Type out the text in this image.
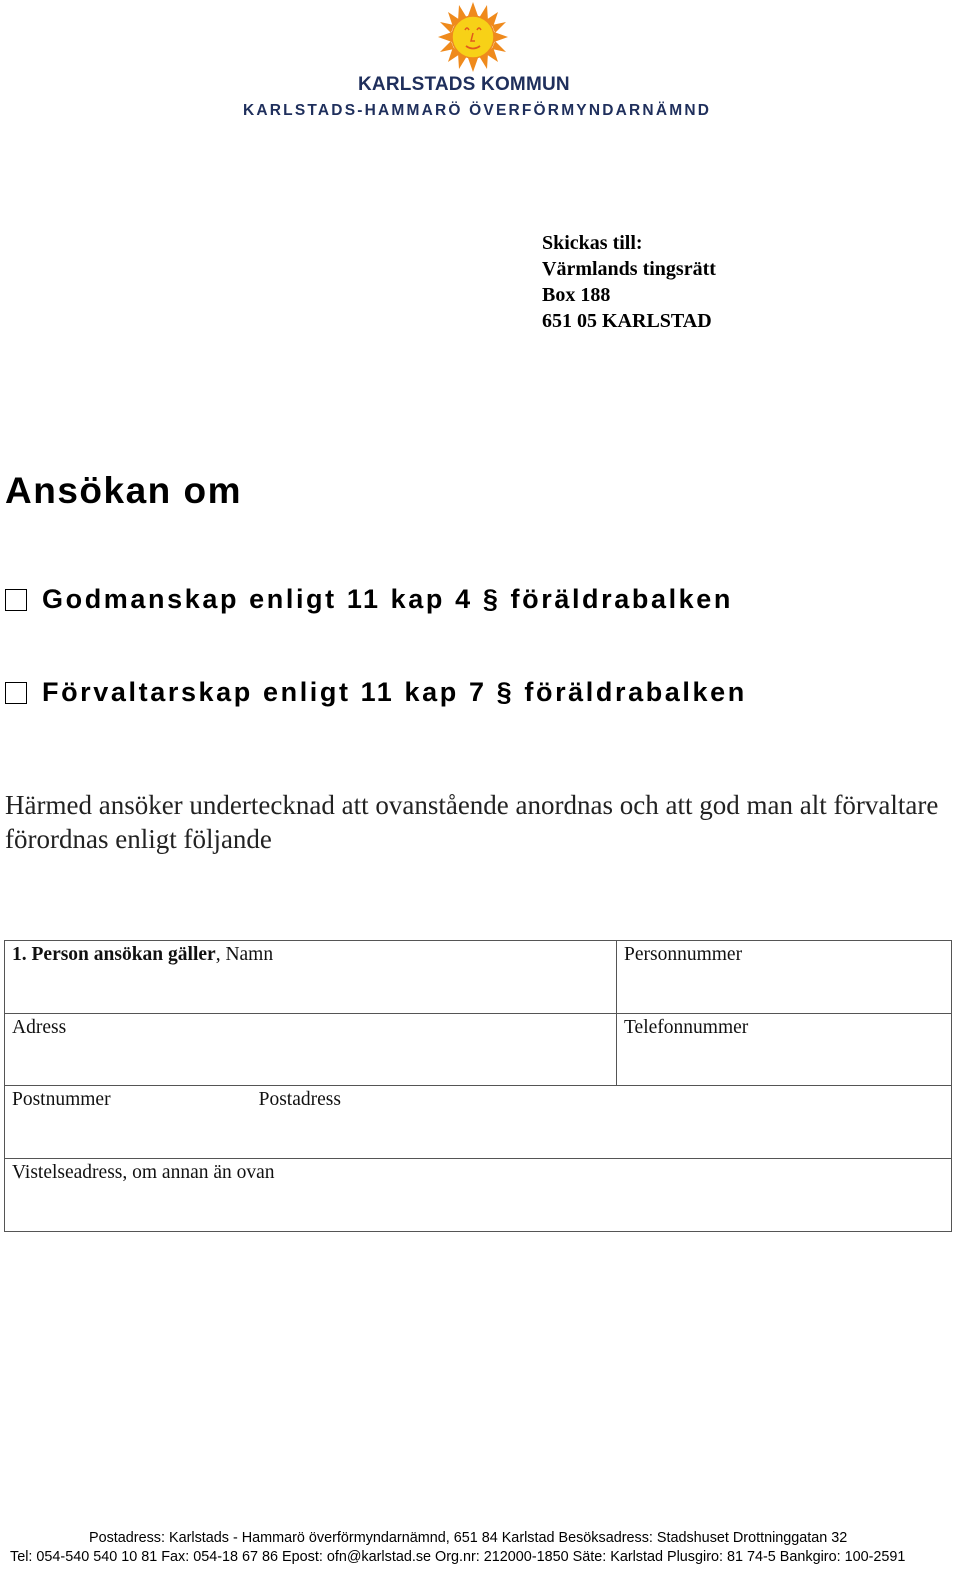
KARLSTADS KOMMUN
KARLSTADS-HAMMARÖ ÖVERFÖRMYNDARNÄMND
Skickas till:
Värmlands tingsrätt
Box 188
651 05 KARLSTAD
Ansökan om
Godmanskap enligt 11 kap 4 § föräldrabalken
Förvaltarskap enligt 11 kap 7 § föräldrabalken
Härmed ansöker undertecknad att ovanstående anordnas och att god man alt förvaltare förordnas enligt följande
1. Person ansökan gäller, Namn	Personnummer
Adress	Telefonnummer
Postnummer	Postadress
Vistelseadress, om annan än ovan
Postadress: Karlstads - Hammarö överförmyndarnämnd, 651 84 Karlstad Besöksadress: Stadshuset Drottninggatan 32
Tel: 054-540 540 10 81 Fax: 054-18 67 86 Epost: ofn@karlstad.se Org.nr: 212000-1850 Säte: Karlstad Plusgiro: 81 74-5 Bankgiro: 100-2591
